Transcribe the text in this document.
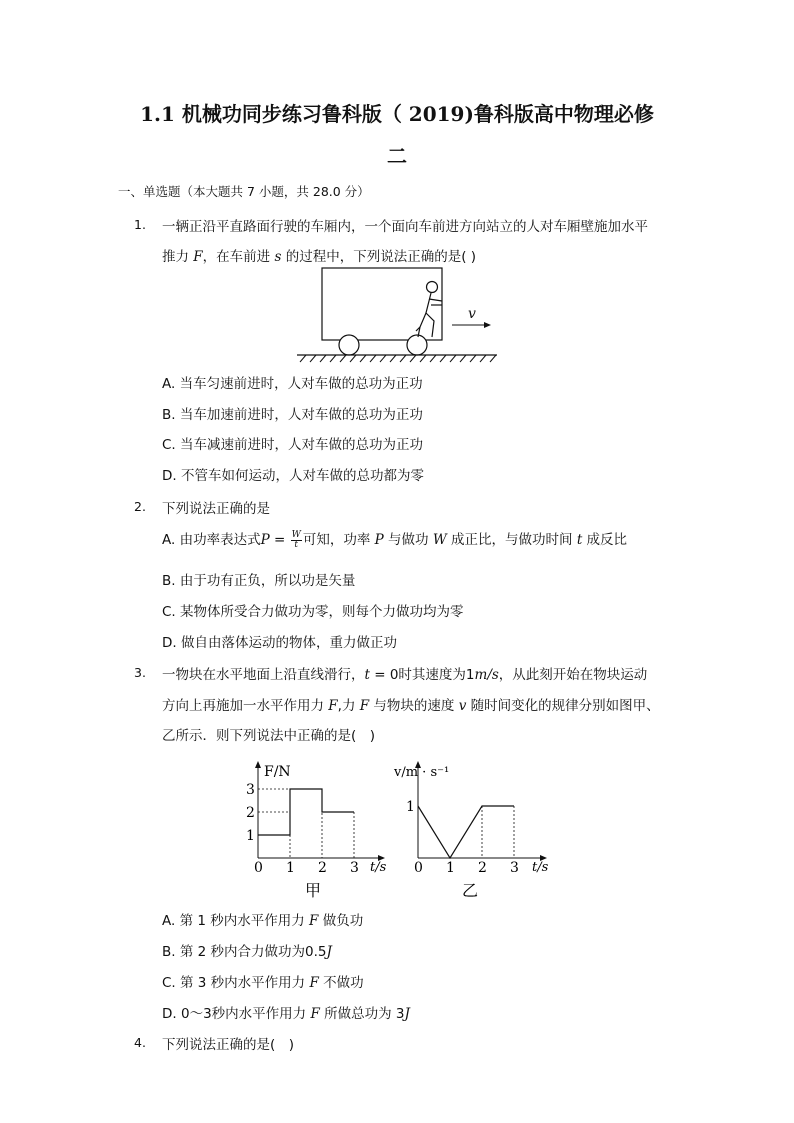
1.1 机械功同步练习鲁科版（ 2019)鲁科版高中物理必修
二
一、单选题（本大题共 7 小题，共 28.0 分）
1. 一辆正沿平直路面行驶的车厢内，一个面向车前进方向站立的人对车厢壁施加水平
推力 F，在车前进 s 的过程中，下列说法正确的是( )
v
A. 当车匀速前进时，人对车做的总功为正功
B. 当车加速前进时，人对车做的总功为正功
C. 当车减速前进时，人对车做的总功为正功
D. 不管车如何运动，人对车做的总功都为零
2. 下列说法正确的是
A. 由功率表达式$P = \frac{W}{t}$ 可知，功率 P 与做功 W 成正比，与做功时间 t 成反比
B. 由于功有正负，所以功是矢量
C. 某物体所受合力做功为零，则每个力做功均为零
D. 做自由落体运动的物体，重力做正功
3. 一物块在水平地面上沿直线滑行，t = 0时其速度为1m/s，从此刻开始在物块运动
方向上再施加一水平作用力 F,力 F 与物块的速度 v 随时间变化的规律分别如图甲、
乙所示．则下列说法中正确的是(　)
0 1 2 3
1
2
3
F/N
t/s
甲
0 1 2 3
1
v/m · s⁻¹
t/s
乙
A. 第 1 秒内水平作用力 F 做负功
B. 第 2 秒内合力做功为0.5J
C. 第 3 秒内水平作用力 F 不做功
D. 0～3秒内水平作用力 F 所做总功为 3J
4. 下列说法正确的是(　)
